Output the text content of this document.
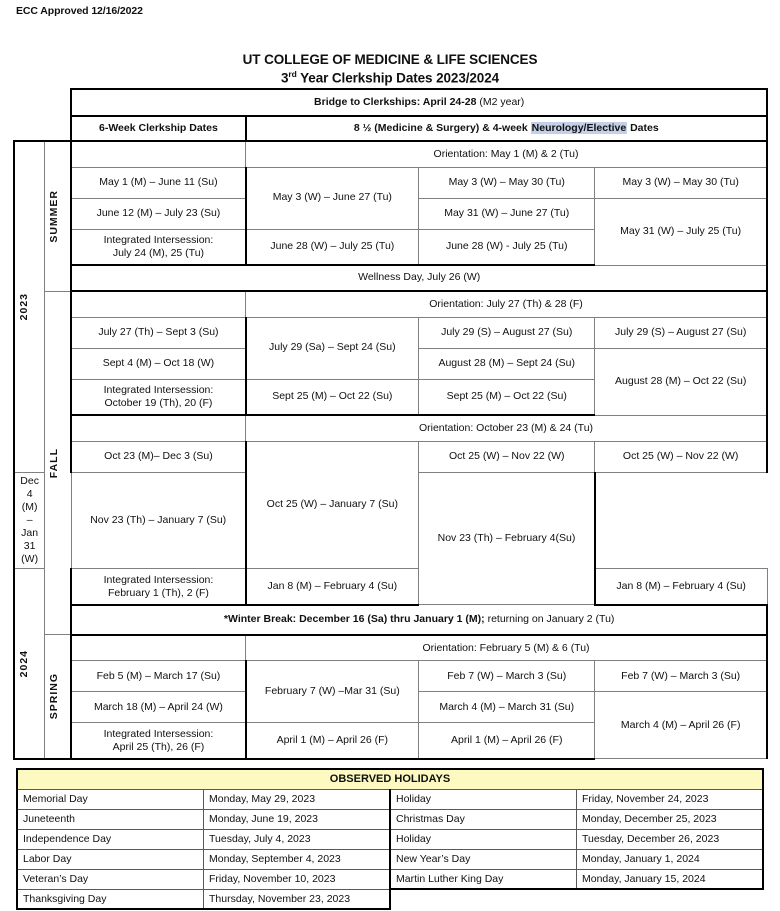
ECC Approved 12/16/2022
UT COLLEGE OF MEDICINE & LIFE SCIENCES
3rd Year Clerkship Dates 2023/2024
		Bridge to Clerkships: April 24-28 (M2 year)			
		6-Week Clerkship Dates	8 ½ (Medicine & Surgery) & 4-week Neurology/Elective Dates		

2023	SUMMER		Orientation: May 1 (M) & 2 (Tu)		
		May 1 (M) – June 11 (Su)	May 3 (W) – June 27 (Tu)	May 3 (W) – May 30 (Tu)	May 3 (W) – May 30 (Tu)
		June 12 (M) – July 23 (Su)		May 31 (W) – June 27 (Tu)	May 31 (W) – July 25 (Tu)

		Integrated Intersession:
July 24 (M), 25 (Tu)	June 28 (W) – July 25 (Tu)	June 28 (W) - July 25 (Tu)	
		Wellness Day, July 26 (W)			

	FALL		Orientation: July 27 (Th) & 28 (F)		
		July 27 (Th) – Sept 3 (Su)	July 29 (Sa) – Sept 24 (Su)	July 29 (S) – August 27 (Su)	July 29 (S) – August 27 (Su)
		Sept 4 (M) – Oct 18 (W)		August 28 (M) – Sept 24 (Su)	August 28 (M) – Oct 22 (Su)

		Integrated Intersession:
October 19 (Th), 20 (F)	Sept 25 (M) – Oct 22 (Su)	Sept 25 (M) – Oct 22 (Su)	
			Orientation: October 23 (M) & 24 (Tu)		
		Oct 23 (M)– Dec 3 (Su)	Oct 25 (W) – January 7 (Su)	Oct 25 (W) – Nov 22 (W)	Oct 25 (W) – Nov 22 (W)
Dec 4 (M) – Jan 31 (W)		Nov 23 (Th) – January 7 (Su)		Nov 23 (Th) – February 4(Su)	

2024		Integrated Intersession:
February 1 (Th), 2 (F)	Jan 8 (M) – February 4 (Su)		Jan 8 (M) – February 4 (Su)
		*Winter Break: December 16 (Sa) thru January 1 (M); returning on January 2 (Tu)			

	SPRING		Orientation: February 5 (M) & 6 (Tu)		
		Feb 5 (M) – March 17 (Su)	February 7 (W) –Mar 31 (Su)	Feb 7 (W) – March 3 (Su)	Feb 7 (W) – March 3 (Su)
		March 18 (M) – April 24 (W)		March 4 (M) – March 31 (Su)	March 4 (M) – April 26 (F)

		Integrated Intersession:
April 25 (Th), 26 (F)	April 1 (M) – April 26 (F)	April 1 (M) – April 26 (F)	
OBSERVED HOLIDAYS			
Memorial Day	Monday, May 29, 2023	Holiday	Friday, November 24, 2023
Juneteenth	Monday, June 19, 2023	Christmas Day	Monday, December 25, 2023
Independence Day	Tuesday, July 4, 2023	Holiday	Tuesday, December 26, 2023
Labor Day	Monday, September 4, 2023	New Year’s Day	Monday, January 1, 2024
Veteran’s Day	Friday, November 10, 2023	Martin Luther King Day	Monday, January 15, 2024
Thanksgiving Day	Thursday, November 23, 2023		
